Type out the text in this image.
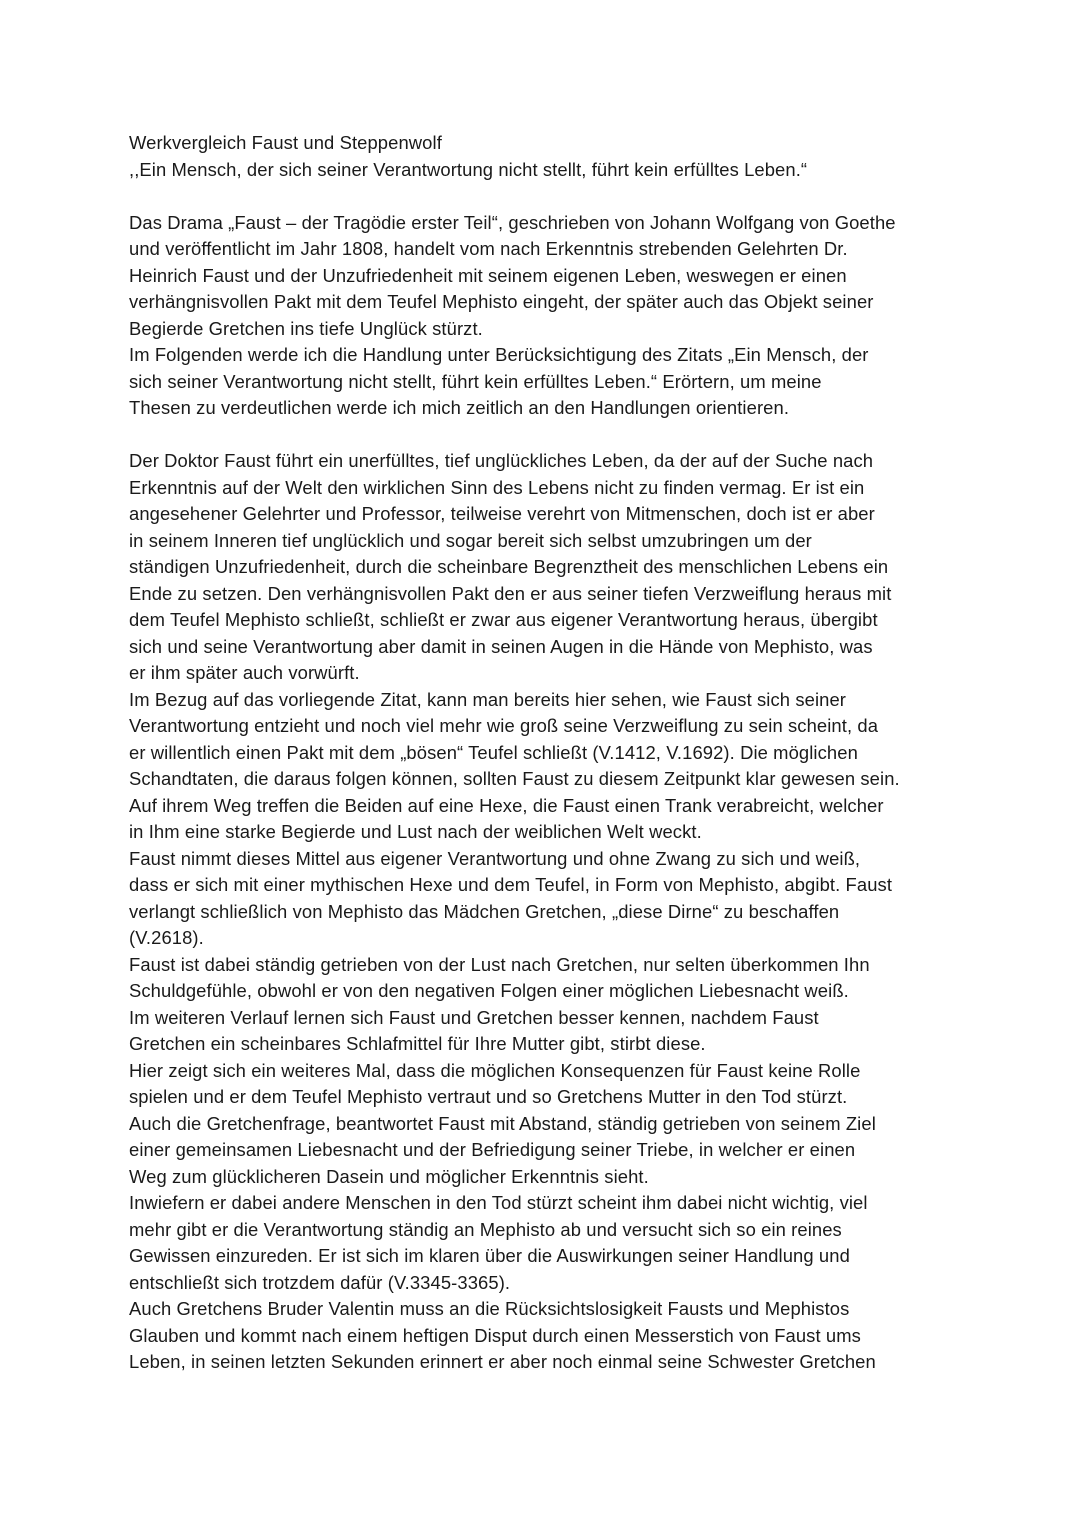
Werkvergleich Faust und Steppenwolf
,,Ein Mensch, der sich seiner Verantwortung nicht stellt, führt kein erfülltes Leben.“
Das Drama „Faust – der Tragödie erster Teil“, geschrieben von Johann Wolfgang von Goethe
und veröffentlicht im Jahr 1808, handelt vom nach Erkenntnis strebenden Gelehrten Dr.
Heinrich Faust und der Unzufriedenheit mit seinem eigenen Leben, weswegen er einen
verhängnisvollen Pakt mit dem Teufel Mephisto eingeht, der später auch das Objekt seiner
Begierde Gretchen ins tiefe Unglück stürzt.
Im Folgenden werde ich die Handlung unter Berücksichtigung des Zitats „Ein Mensch, der
sich seiner Verantwortung nicht stellt, führt kein erfülltes Leben.“ Erörtern, um meine
Thesen zu verdeutlichen werde ich mich zeitlich an den Handlungen orientieren.
Der Doktor Faust führt ein unerfülltes, tief unglückliches Leben, da der auf der Suche nach
Erkenntnis auf der Welt den wirklichen Sinn des Lebens nicht zu finden vermag. Er ist ein
angesehener Gelehrter und Professor, teilweise verehrt von Mitmenschen, doch ist er aber
in seinem Inneren tief unglücklich und sogar bereit sich selbst umzubringen um der
ständigen Unzufriedenheit, durch die scheinbare Begrenztheit des menschlichen Lebens ein
Ende zu setzen. Den verhängnisvollen Pakt den er aus seiner tiefen Verzweiflung heraus mit
dem Teufel Mephisto schließt, schließt er zwar aus eigener Verantwortung heraus, übergibt
sich und seine Verantwortung aber damit in seinen Augen in die Hände von Mephisto, was
er ihm später auch vorwürft.
Im Bezug auf das vorliegende Zitat, kann man bereits hier sehen, wie Faust sich seiner
Verantwortung entzieht und noch viel mehr wie groß seine Verzweiflung zu sein scheint, da
er willentlich einen Pakt mit dem „bösen“ Teufel schließt (V.1412, V.1692). Die möglichen
Schandtaten, die daraus folgen können, sollten Faust zu diesem Zeitpunkt klar gewesen sein.
Auf ihrem Weg treffen die Beiden auf eine Hexe, die Faust einen Trank verabreicht, welcher
in Ihm eine starke Begierde und Lust nach der weiblichen Welt weckt.
Faust nimmt dieses Mittel aus eigener Verantwortung und ohne Zwang zu sich und weiß,
dass er sich mit einer mythischen Hexe und dem Teufel, in Form von Mephisto, abgibt. Faust
verlangt schließlich von Mephisto das Mädchen Gretchen, „diese Dirne“ zu beschaffen
(V.2618).
Faust ist dabei ständig getrieben von der Lust nach Gretchen, nur selten überkommen Ihn
Schuldgefühle, obwohl er von den negativen Folgen einer möglichen Liebesnacht weiß.
Im weiteren Verlauf lernen sich Faust und Gretchen besser kennen, nachdem Faust
Gretchen ein scheinbares Schlafmittel für Ihre Mutter gibt, stirbt diese.
Hier zeigt sich ein weiteres Mal, dass die möglichen Konsequenzen für Faust keine Rolle
spielen und er dem Teufel Mephisto vertraut und so Gretchens Mutter in den Tod stürzt.
Auch die Gretchenfrage, beantwortet Faust mit Abstand, ständig getrieben von seinem Ziel
einer gemeinsamen Liebesnacht und der Befriedigung seiner Triebe, in welcher er einen
Weg zum glücklicheren Dasein und möglicher Erkenntnis sieht.
Inwiefern er dabei andere Menschen in den Tod stürzt scheint ihm dabei nicht wichtig, viel
mehr gibt er die Verantwortung ständig an Mephisto ab und versucht sich so ein reines
Gewissen einzureden. Er ist sich im klaren über die Auswirkungen seiner Handlung und
entschließt sich trotzdem dafür (V.3345-3365).
Auch Gretchens Bruder Valentin muss an die Rücksichtslosigkeit Fausts und Mephistos
Glauben und kommt nach einem heftigen Disput durch einen Messerstich von Faust ums
Leben, in seinen letzten Sekunden erinnert er aber noch einmal seine Schwester Gretchen
